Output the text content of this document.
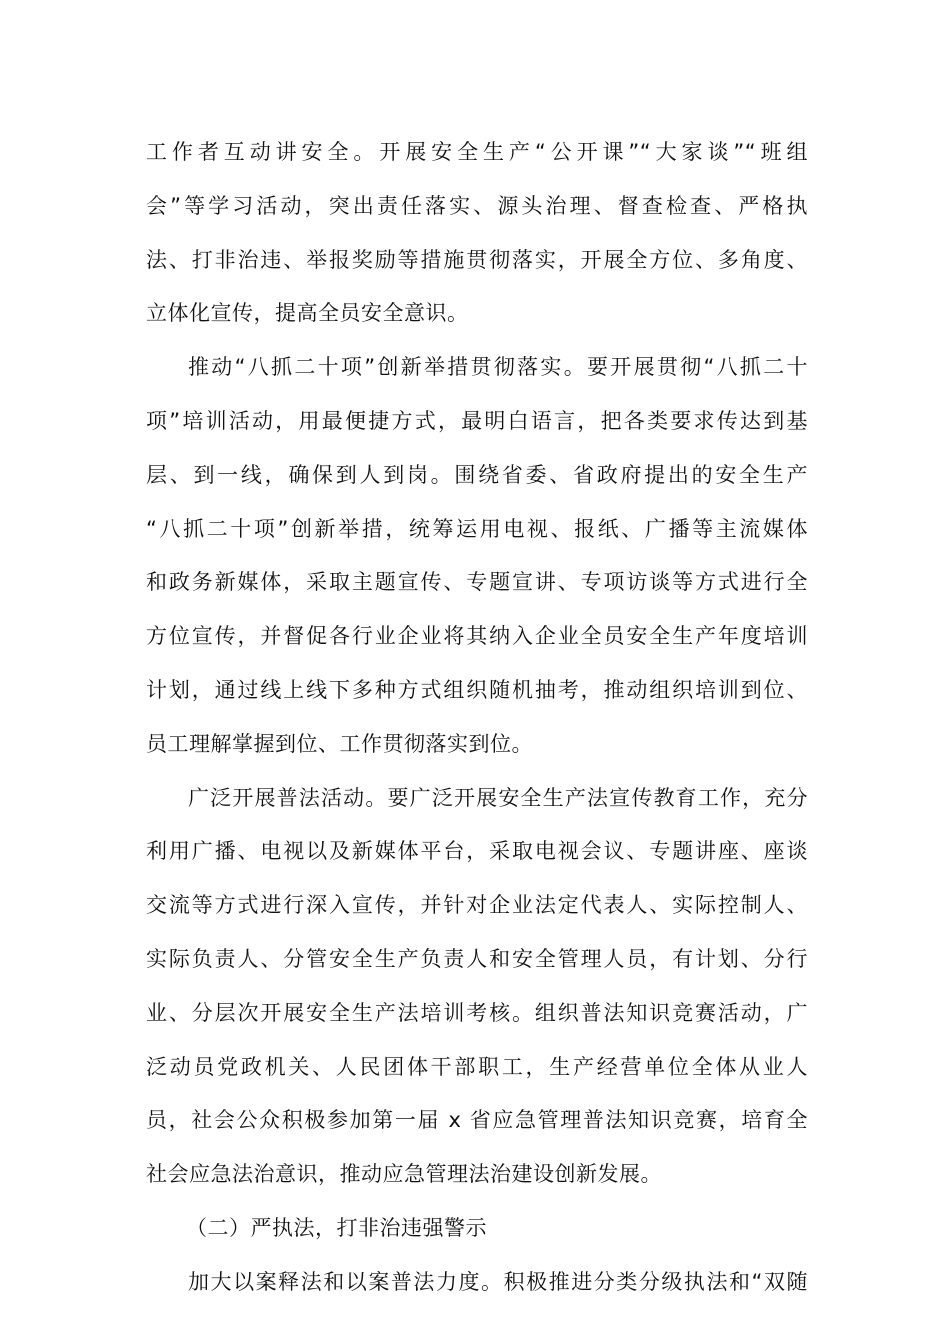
工作者互动讲安全。开展安全生产“公开课”“大家谈”“班组
会”等学习活动，突出责任落实、源头治理、督查检查、严格执
法、打非治违、举报奖励等措施贯彻落实，开展全方位、多角度、
立体化宣传，提高全员安全意识。
推动“八抓二十项”创新举措贯彻落实。要开展贯彻“八抓二十
项”培训活动，用最便捷方式，最明白语言，把各类要求传达到基
层、到一线，确保到人到岗。围绕省委、省政府提出的安全生产
“八抓二十项”创新举措，统筹运用电视、报纸、广播等主流媒体
和政务新媒体，采取主题宣传、专题宣讲、专项访谈等方式进行全
方位宣传，并督促各行业企业将其纳入企业全员安全生产年度培训
计划，通过线上线下多种方式组织随机抽考，推动组织培训到位、
员工理解掌握到位、工作贯彻落实到位。
广泛开展普法活动。要广泛开展安全生产法宣传教育工作，充分
利用广播、电视以及新媒体平台，采取电视会议、专题讲座、座谈
交流等方式进行深入宣传，并针对企业法定代表人、实际控制人、
实际负责人、分管安全生产负责人和安全管理人员，有计划、分行
业、分层次开展安全生产法培训考核。组织普法知识竞赛活动，广
泛动员党政机关、人民团体干部职工，生产经营单位全体从业人
员，社会公众积极参加第一届 x 省应急管理普法知识竞赛，培育全
社会应急法治意识，推动应急管理法治建设创新发展。
（二）严执法，打非治违强警示
加大以案释法和以案普法力度。积极推进分类分级执法和“双随
